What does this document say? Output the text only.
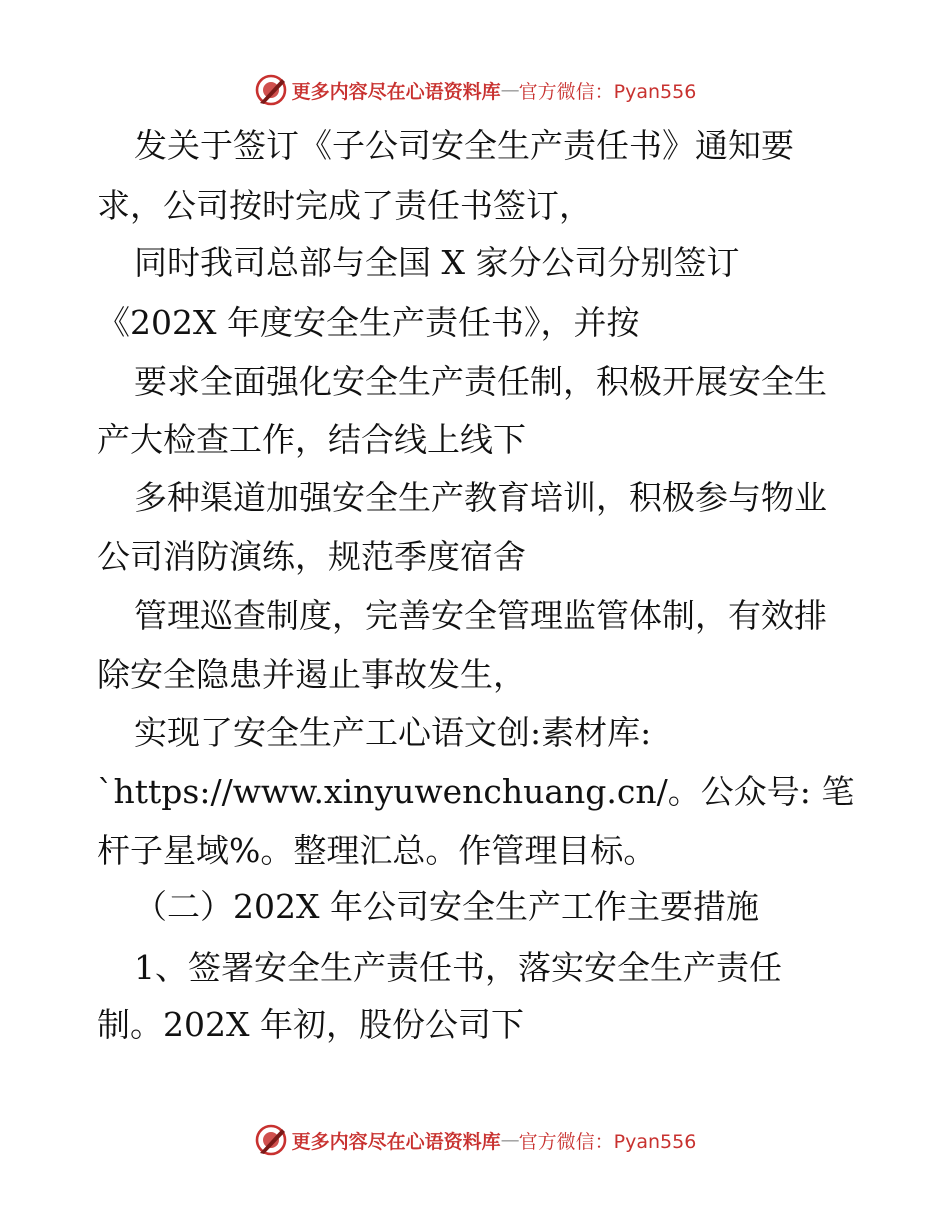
更多内容尽在心语资料库 — 官方微信：Pyan556
发关于签订《子公司安全生产责任书》通知要
求，公司按时完成了责任书签订，
同时我司总部与全国 X 家分公司分别签订
《202X 年度安全生产责任书》，并按
要求全面强化安全生产责任制，积极开展安全生
产大检查工作，结合线上线下
多种渠道加强安全生产教育培训，积极参与物业
公司消防演练，规范季度宿舍
管理巡查制度，完善安全管理监管体制，有效排
除安全隐患并遏止事故发生，
实现了安全生产工心语文创:素材库:
`https://www.xinyuwenchuang.cn/。公众号: 笔
杆子星域%。整理汇总。作管理目标。
（二）202X 年公司安全生产工作主要措施
1、签署安全生产责任书，落实安全生产责任
制。202X 年初，股份公司下
更多内容尽在心语资料库 — 官方微信：Pyan556
